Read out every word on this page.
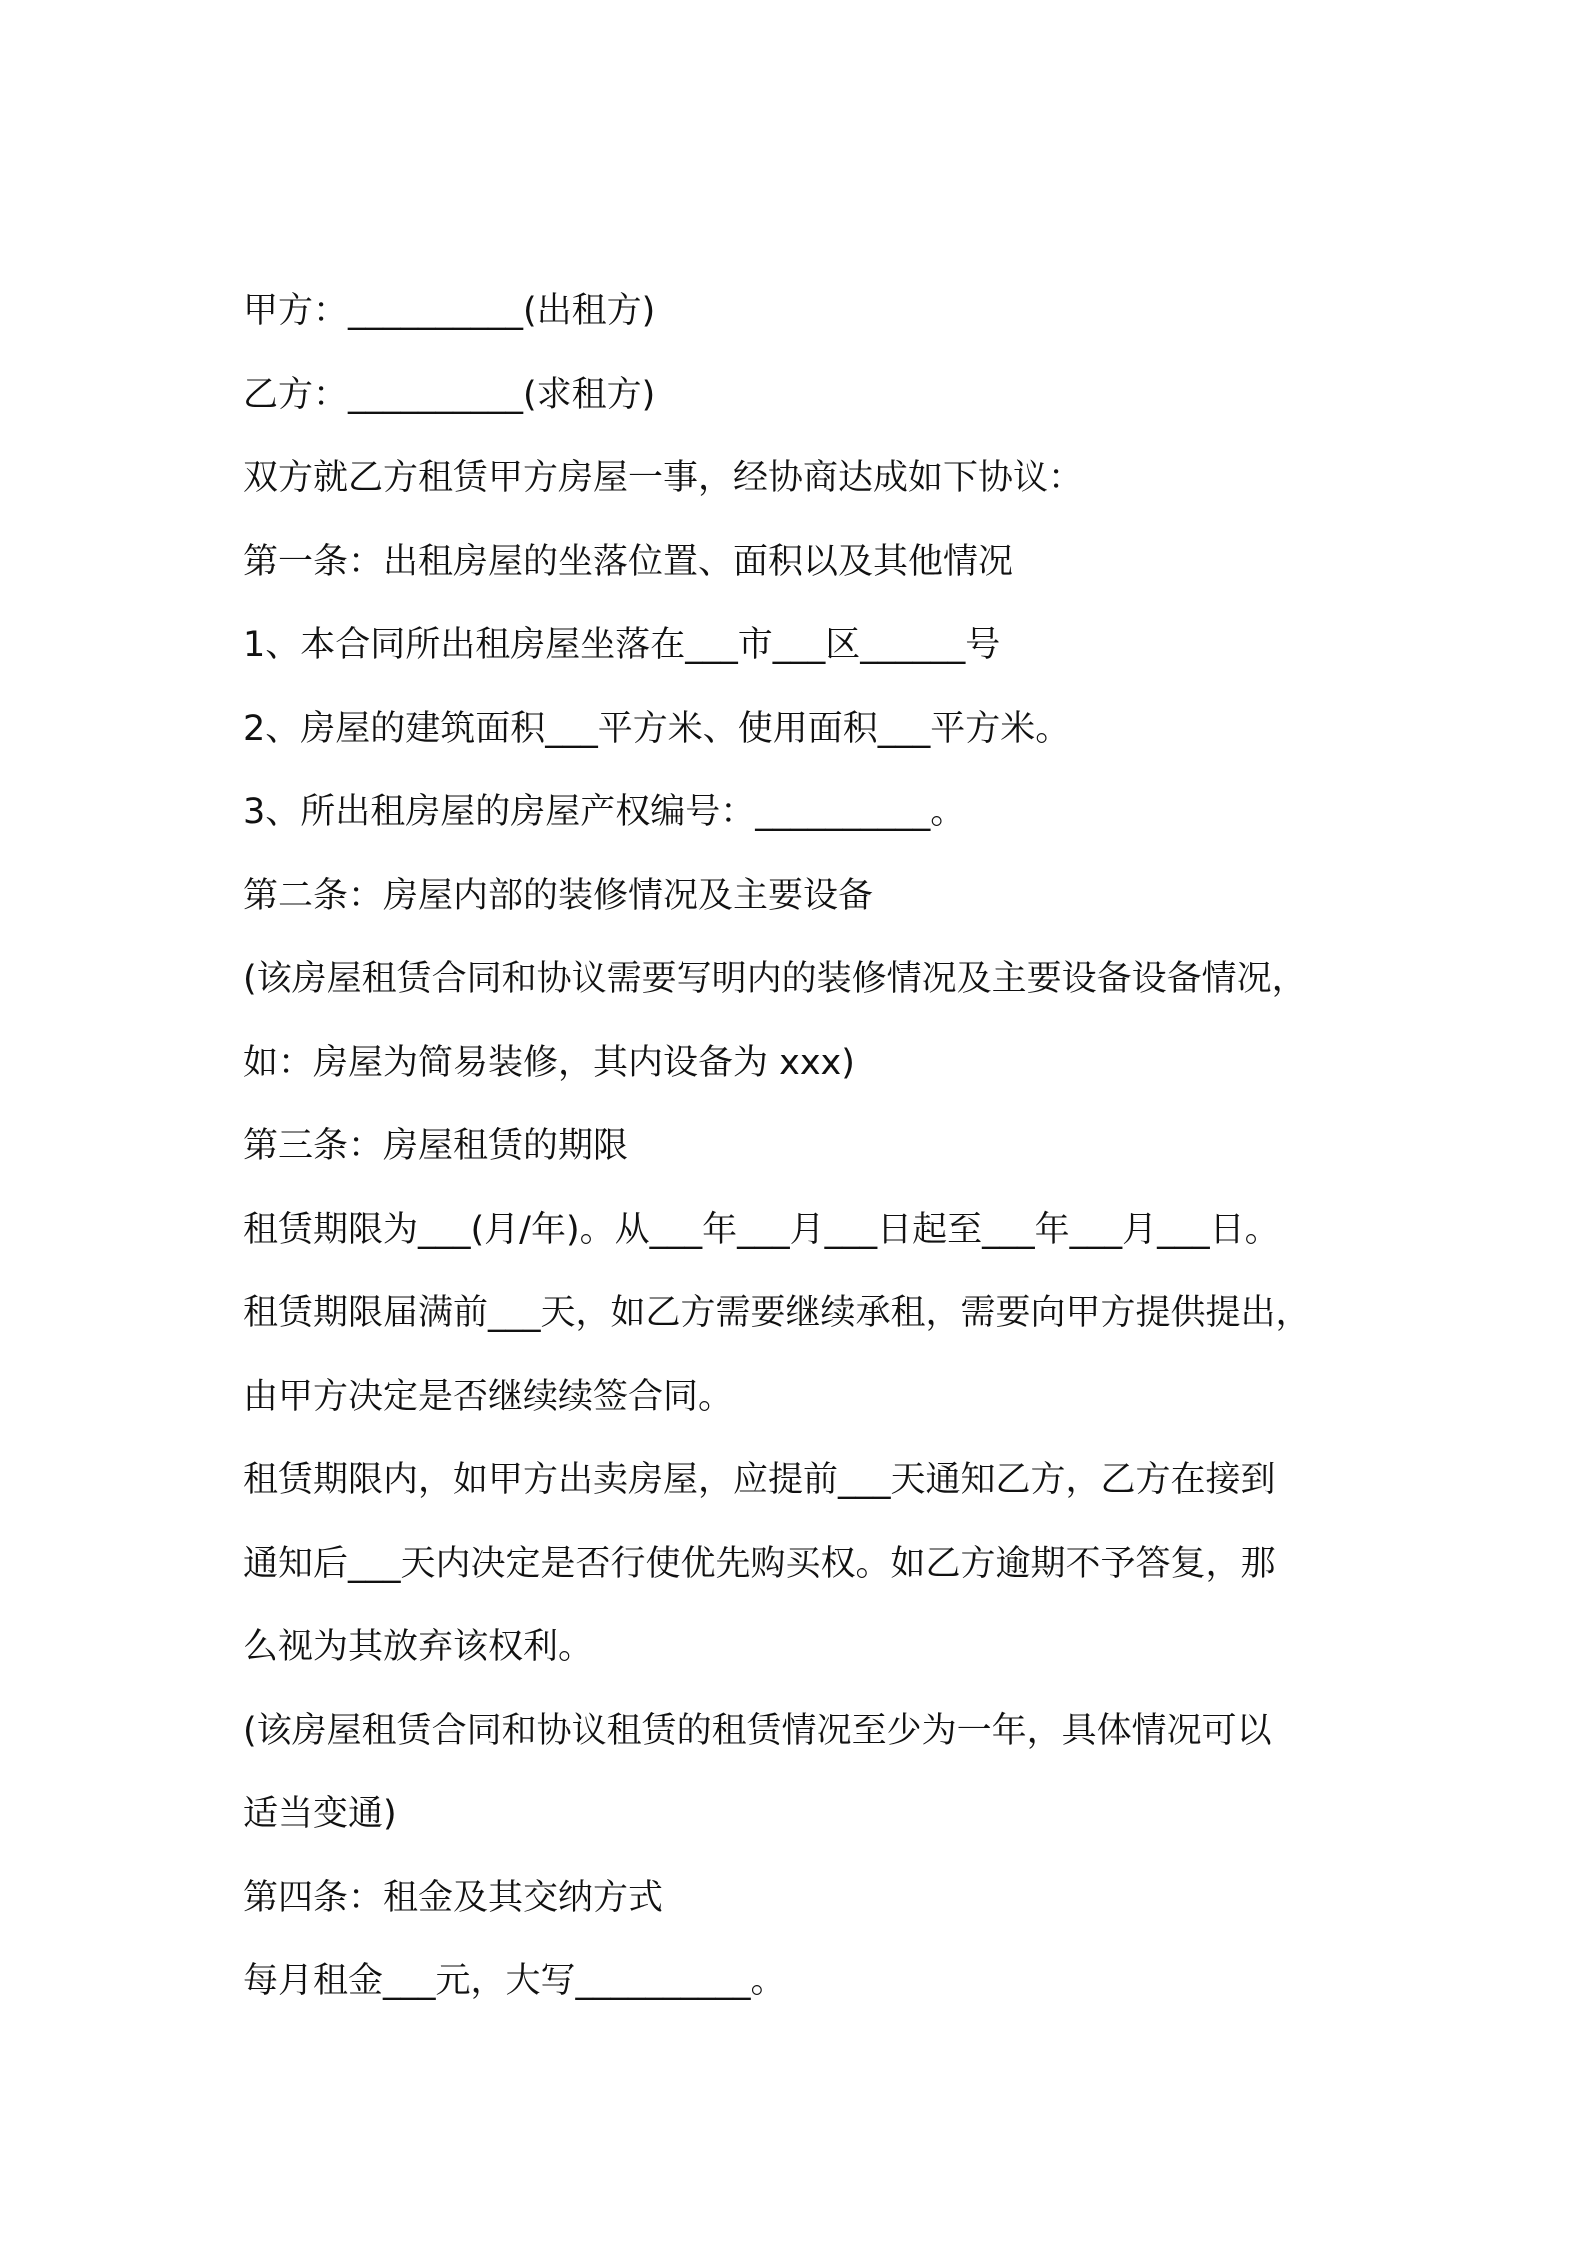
甲方：__________(出租方)
乙方：__________(求租方)
双方就乙方租赁甲方房屋一事，经协商达成如下协议：
第一条：出租房屋的坐落位置、面积以及其他情况
1、本合同所出租房屋坐落在___市___区______号
2、房屋的建筑面积___平方米、使用面积___平方米。
3、所出租房屋的房屋产权编号：__________。
第二条：房屋内部的装修情况及主要设备
(该房屋租赁合同和协议需要写明内的装修情况及主要设备设备情况，
如：房屋为简易装修，其内设备为 xxx)
第三条：房屋租赁的期限
租赁期限为___(月/年)。从___年___月___日起至___年___月___日。
租赁期限届满前___天，如乙方需要继续承租，需要向甲方提供提出，
由甲方决定是否继续续签合同。
租赁期限内，如甲方出卖房屋，应提前___天通知乙方，乙方在接到
通知后___天内决定是否行使优先购买权。如乙方逾期不予答复，那
么视为其放弃该权利。
(该房屋租赁合同和协议租赁的租赁情况至少为一年，具体情况可以
适当变通)
第四条：租金及其交纳方式
每月租金___元，大写__________。
